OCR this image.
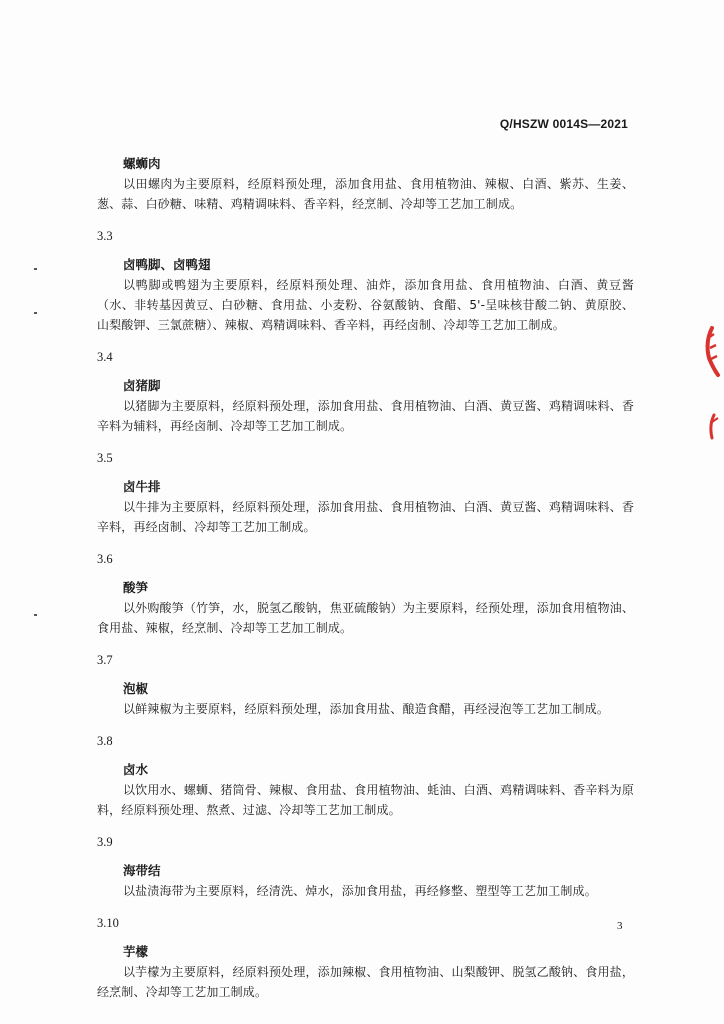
Q/HSZW 0014S—2021
螺蛳肉
以田螺肉为主要原料，经原料预处理，添加食用盐、食用植物油、辣椒、白酒、紫苏、生姜、葱、蒜、白砂糖、味精、鸡精调味料、香辛料，经烹制、冷却等工艺加工制成。
3.3
卤鸭脚、卤鸭翅
以鸭脚或鸭翅为主要原料，经原料预处理、油炸，添加食用盐、食用植物油、白酒、黄豆酱（水、非转基因黄豆、白砂糖、食用盐、小麦粉、谷氨酸钠、食醋、5'-呈味核苷酸二钠、黄原胶、山梨酸钾、三氯蔗糖）、辣椒、鸡精调味料、香辛料，再经卤制、冷却等工艺加工制成。
3.4
卤猪脚
以猪脚为主要原料，经原料预处理，添加食用盐、食用植物油、白酒、黄豆酱、鸡精调味料、香辛料为辅料，再经卤制、冷却等工艺加工制成。
3.5
卤牛排
以牛排为主要原料，经原料预处理，添加食用盐、食用植物油、白酒、黄豆酱、鸡精调味料、香辛料，再经卤制、冷却等工艺加工制成。
3.6
酸笋
以外购酸笋（竹笋，水，脱氢乙酸钠，焦亚硫酸钠）为主要原料，经预处理，添加食用植物油、食用盐、辣椒，经烹制、冷却等工艺加工制成。
3.7
泡椒
以鲜辣椒为主要原料，经原料预处理，添加食用盐、酿造食醋，再经浸泡等工艺加工制成。
3.8
卤水
以饮用水、螺蛳、猪筒骨、辣椒、食用盐、食用植物油、蚝油、白酒、鸡精调味料、香辛料为原料，经原料预处理、熬煮、过滤、冷却等工艺加工制成。
3.9
海带结
以盐渍海带为主要原料，经清洗、焯水，添加食用盐，再经修整、塑型等工艺加工制成。
3.10
芋檬
以芋檬为主要原料，经原料预处理，添加辣椒、食用植物油、山梨酸钾、脱氢乙酸钠、食用盐，经烹制、冷却等工艺加工制成。
3
